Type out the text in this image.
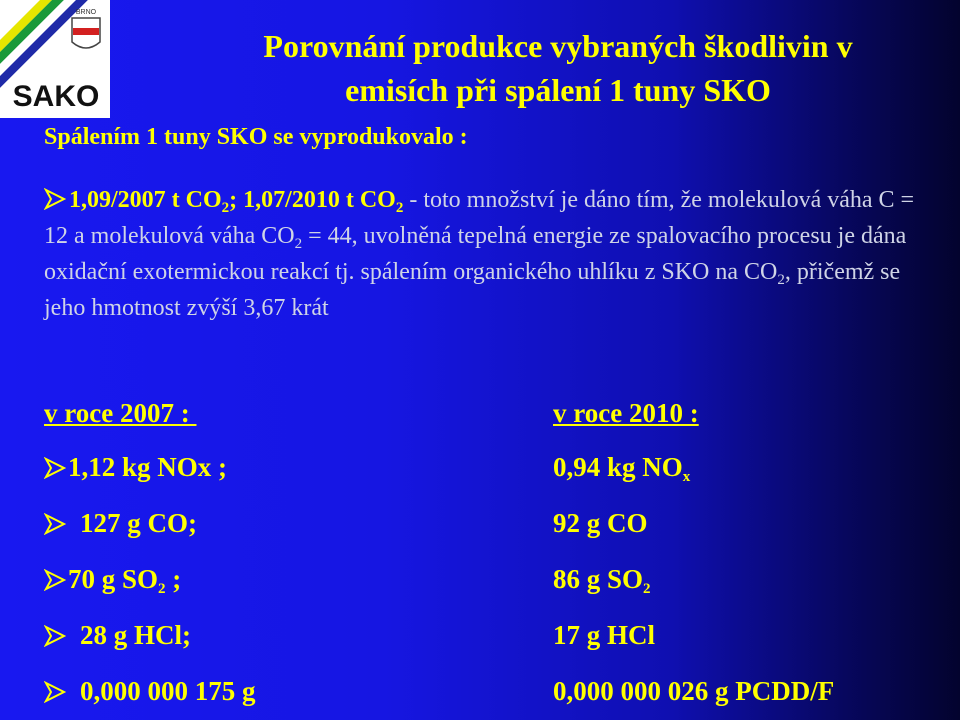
BRNO
SAKO
Porovnání produkce vybraných škodlivin v
emisích při spálení 1 tuny SKO
Spálením 1 tuny SKO se vyprodukovalo :
1,09/2007 t $CO_2$; 1,07/2010 t $CO_2$ - toto množství je dáno tím, že molekulová váha C = 12 a molekulová váha $CO_2 = 44$, uvolněná tepelná energie ze spalovacího procesu je dána oxidační exotermickou reakcí tj. spálením organického uhlíku z SKO na $CO_2$, přičemž se jeho hmotnost zvýší 3,67 krát
v roce 2007 :	v roce 2010 :
1,12 kg NOx ;	0,94 kg $NO_x$
127 g CO;	92 g CO
70 g $SO_2$ ;	86 g $SO_2$
28 g HCl;	17 g HCl
0,000 000 175 g	0,000 000 026 g PCDD/F
